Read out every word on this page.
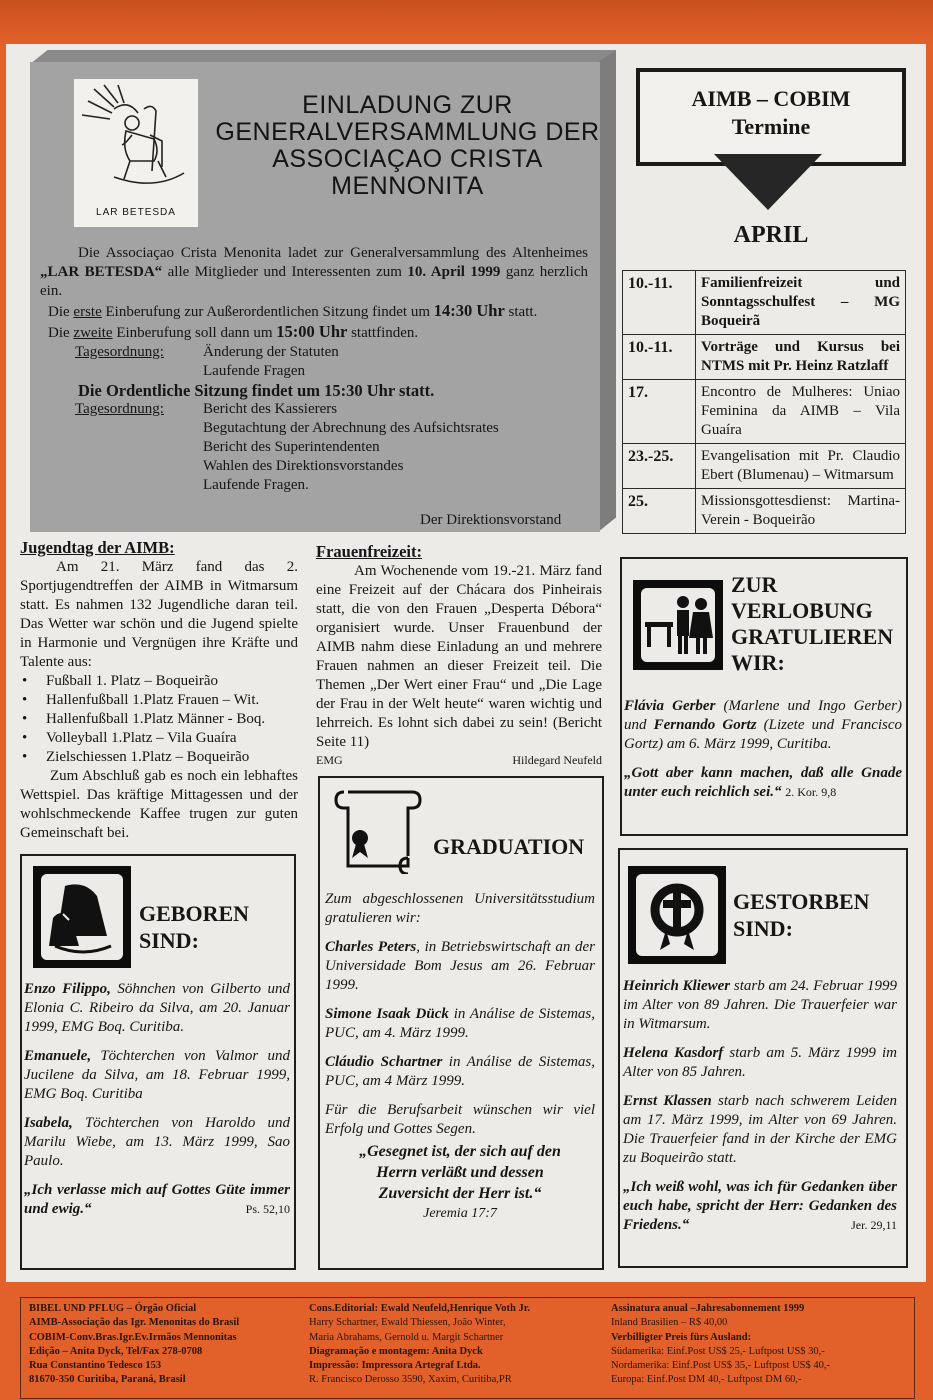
LAR BETESDA
EINLADUNG ZUR GENERALVERSAMMLUNG DER ASSOCIAÇAO CRISTA MENNONITA

Die Associaçao Crista Menonita ladet zur Generalversammlung des Altenheimes „LAR BETESDA“ alle Mitglieder und Interessenten zum 10. April 1999 ganz herzlich ein.

Die erste Einberufung zur Außerordentlichen Sitzung findet um 14:30 Uhr statt.

Die zweite Einberufung soll dann um 15:00 Uhr stattfinden.

Tagesordnung:	Änderung der Statuten
Laufende Fragen
Die Ordentliche Sitzung findet um 15:30 Uhr statt.
Tagesordnung:	Bericht des Kassierers
Begutachtung der Abrechnung des Aufsichtsrates
Bericht des Superintendenten
Wahlen des Direktionsvorstandes
Laufende Fragen.
Der Direktionsvorstand
AIMB – COBIM
Termine
APRIL
10.-11.	Familienfreizeit und Sonntagsschulfest – MG Boqueirã
10.-11.	Vorträge und Kursus bei NTMS mit Pr. Heinz Ratzlaff
17.	Encontro de Mulheres: Uniao Feminina da AIMB – Vila Guaíra
23.-25.	Evangelisation mit Pr. Claudio Ebert (Blumenau) – Witmarsum
25.	Missionsgottesdienst: Martina-Verein - Boqueirão
Jugendtag der AIMB:

Am 21. März fand das 2. Sportjugendtreffen der AIMB in Witmarsum statt. Es nahmen 132 Jugendliche daran teil. Das Wetter war schön und die Jugend spielte in Harmonie und Vergnügen ihre Kräfte und Talente aus:

• Fußball 1. Platz – Boqueirão
• Hallenfußball 1.Platz Frauen – Wit.
• Hallenfußball 1.Platz Männer - Boq.
• Volleyball 1.Platz – Vila Guaíra
• Zielschiessen 1.Platz – Boqueirão

Zum Abschluß gab es noch ein lebhaftes Wettspiel. Das kräftige Mittagessen und der wohlschmeckende Kaffee trugen zur guten Gemeinschaft bei.

Frauenfreizeit:

Am Wochenende vom 19.-21. März fand eine Freizeit auf der Chácara dos Pinheirais statt, die von den Frauen „Desperta Débora“ organisiert wurde. Unser Frauenbund der AIMB nahm diese Einladung an und mehrere Frauen nahmen an dieser Freizeit teil. Die Themen „Der Wert einer Frau“ und „Die Lage der Frau in der Welt heute“ waren wichtig und lehrreich. Es lohnt sich dabei zu sein! (Bericht Seite 11)

EMG	Hildegard Neufeld
ZUR
VERLOBUNG
GRATULIEREN
WIR:

Flávia Gerber (Marlene und Ingo Gerber) und Fernando Gortz (Lizete und Francisco Gortz) am 6. März 1999, Curitiba.

„Gott aber kann machen, daß alle Gnade unter euch reichlich sei.“ 2. Kor. 9,8

GEBOREN
SIND:

Enzo Filippo, Söhnchen von Gilberto und Elonia C. Ribeiro da Silva, am 20. Januar 1999, EMG Boq. Curitiba.

Emanuele, Töchterchen von Valmor und Jucilene da Silva, am 18. Februar 1999, EMG Boq. Curitiba

Isabela, Töchterchen von Haroldo und Marilu Wiebe, am 13. März 1999, Sao Paulo.

„Ich verlasse mich auf Gottes Güte immer und ewig.“	Ps. 52,10

GRADUATION

Zum abgeschlossenen Universitätsstudium gratulieren wir:

Charles Peters, in Betriebswirtschaft an der Universidade Bom Jesus am 26. Februar 1999.

Simone Isaak Dück in Análise de Sistemas, PUC, am 4. März 1999.

Cláudio Schartner in Análise de Sistemas, PUC, am 4 März 1999.

Für die Berufsarbeit wünschen wir viel Erfolg und Gottes Segen.

„Gesegnet ist, der sich auf den Herrn verläßt und dessen Zuversicht der Herr ist.“
Jeremia 17:7
GESTORBEN
SIND:

Heinrich Kliewer starb am 24. Februar 1999 im Alter von 89 Jahren. Die Trauerfeier war in Witmarsum.

Helena Kasdorf starb am 5. März 1999 im Alter von 85 Jahren.

Ernst Klassen starb nach schwerem Leiden am 17. März 1999, im Alter von 69 Jahren. Die Trauerfeier fand in der Kirche der EMG zu Boqueirão statt.

„Ich weiß wohl, was ich für Gedanken über euch habe, spricht der Herr: Gedanken des Friedens.“	Jer. 29,11

BIBEL UND PFLUG – Órgão Oficial
AIMB-Associação das Igr. Menonitas do Brasil
COBIM-Conv.Bras.Igr.Ev.Irmãos Mennonitas
Edição – Anita Dyck, Tel/Fax 278-0708
Rua Constantino Tedesco 153
81670-350 Curitiba, Paraná, Brasil
Cons.Editorial: Ewald Neufeld,Henrique Voth Jr.
Harry Schartner, Ewald Thiessen, João Winter,
Maria Abrahams, Gernold u. Margit Schartner
Diagramação e montagem: Anita Dyck
Impressão: Impressora Artegraf Ltda.
R. Francisco Derosso 3590, Xaxim, Curitiba,PR
Assinatura anual –Jahresabonnement 1999
Inland Brasilien – R$ 40,00
Verbilligter Preis fürs Ausland:
Südamerika: Einf.Post US$ 25,- Luftpost US$ 30,-
Nordamerika: Einf.Post US$ 35,- Luftpost US$ 40,-
Europa: Einf.Post DM 40,- Luftpost DM 60,-
